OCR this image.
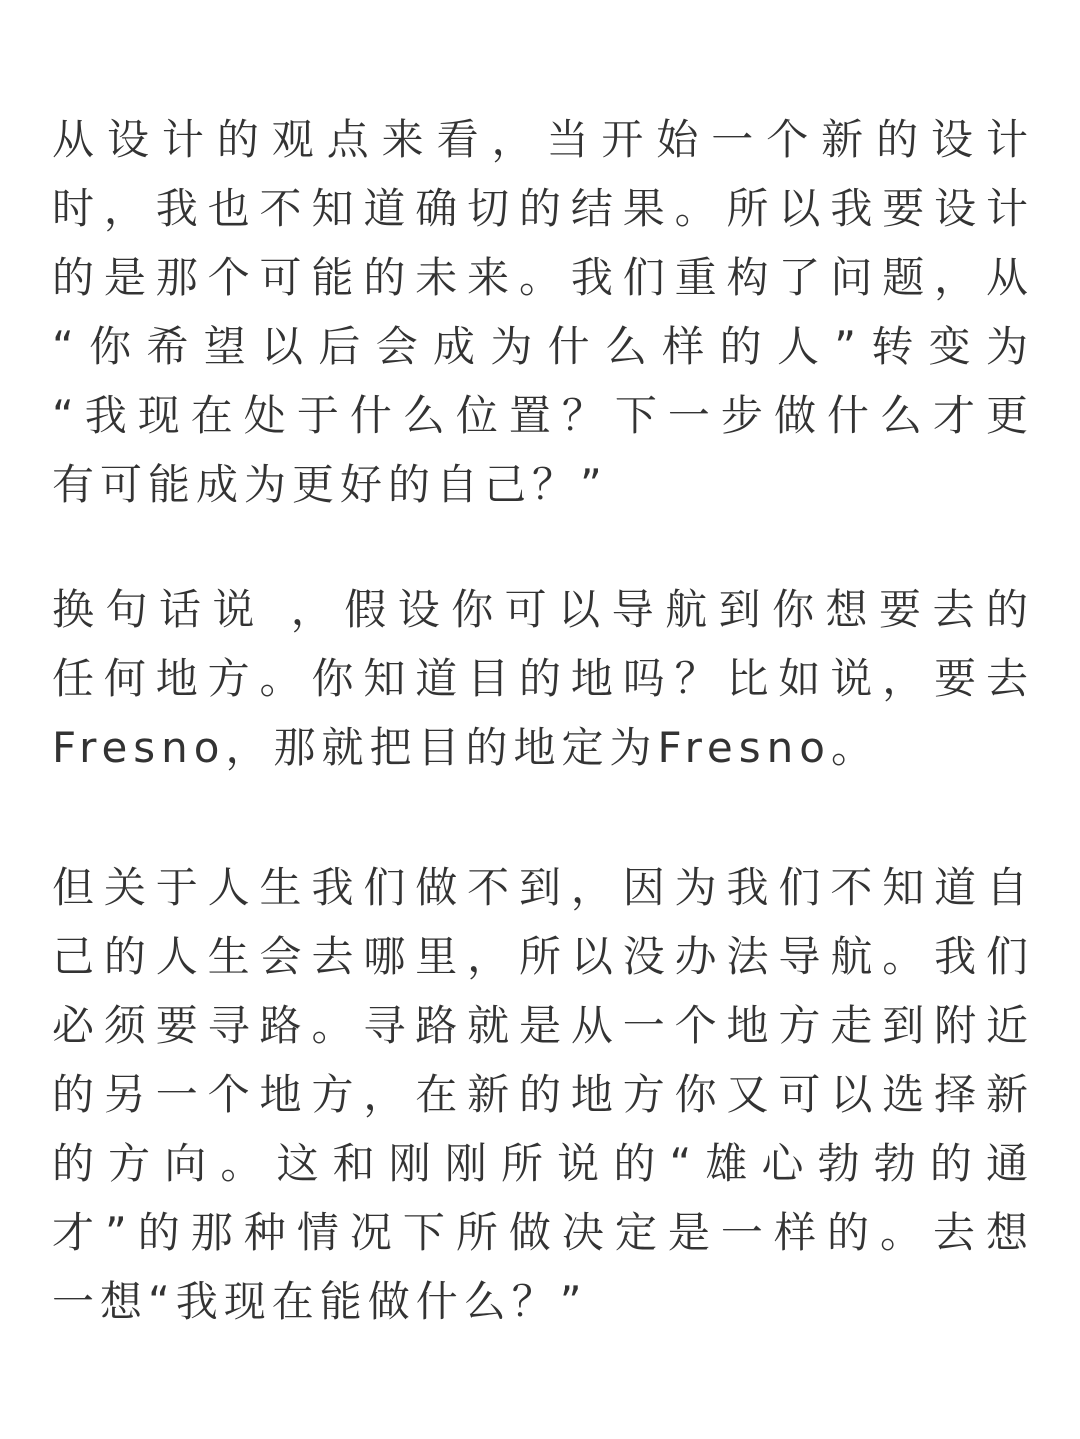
从设计的观点来看，当开始一个新的设计
时，我也不知道确切的结果。所以我要设计
的是那个可能的未来。我们重构了问题，从
“你希望以后会成为什么样的人”转变为
“我现在处于什么位置？下一步做什么才更
有可能成为更好的自己？”
换句话说 ，假设你可以导航到你想要去的
任何地方。你知道目的地吗？比如说，要去
Fresno，那就把目的地定为Fresno。
但关于人生我们做不到，因为我们不知道自
己的人生会去哪里，所以没办法导航。我们
必须要寻路。寻路就是从一个地方走到附近
的另一个地方，在新的地方你又可以选择新
的方向。这和刚刚所说的“雄心勃勃的通
才”的那种情况下所做决定是一样的。去想
一想“我现在能做什么？”
